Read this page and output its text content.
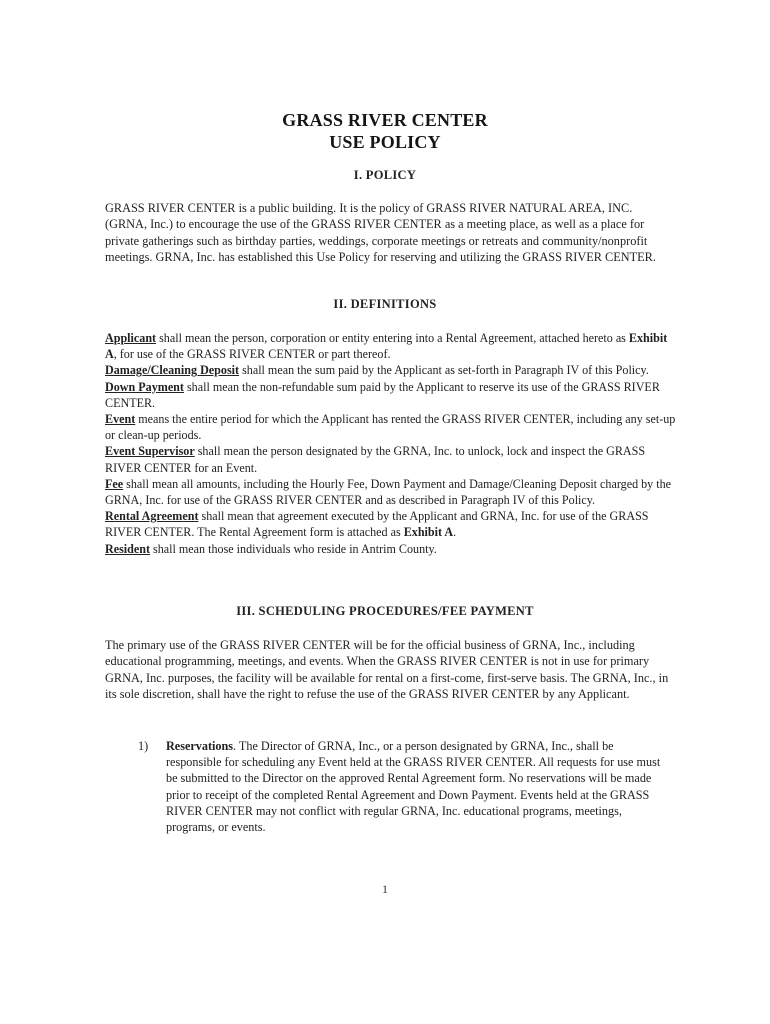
GRASS RIVER CENTER
USE POLICY
I. POLICY

GRASS RIVER CENTER is a public building. It is the policy of GRASS RIVER NATURAL AREA, INC. (GRNA, Inc.) to encourage the use of the GRASS RIVER CENTER as a meeting place, as well as a place for private gatherings such as birthday parties, weddings, corporate meetings or retreats and community/nonprofit meetings. GRNA, Inc. has established this Use Policy for reserving and utilizing the GRASS RIVER CENTER.

II. DEFINITIONS

Applicant shall mean the person, corporation or entity entering into a Rental Agreement, attached hereto as Exhibit A, for use of the GRASS RIVER CENTER or part thereof.

Damage/Cleaning Deposit shall mean the sum paid by the Applicant as set-forth in Paragraph IV of this Policy.

Down Payment shall mean the non-refundable sum paid by the Applicant to reserve its use of the GRASS RIVER CENTER.

Event means the entire period for which the Applicant has rented the GRASS RIVER CENTER, including any set-up or clean-up periods.

Event Supervisor shall mean the person designated by the GRNA, Inc. to unlock, lock and inspect the GRASS RIVER CENTER for an Event.

Fee shall mean all amounts, including the Hourly Fee, Down Payment and Damage/Cleaning Deposit charged by the GRNA, Inc. for use of the GRASS RIVER CENTER and as described in Paragraph IV of this Policy.

Rental Agreement shall mean that agreement executed by the Applicant and GRNA, Inc. for use of the GRASS RIVER CENTER. The Rental Agreement form is attached as Exhibit A.

Resident shall mean those individuals who reside in Antrim County.

III. SCHEDULING PROCEDURES/FEE PAYMENT

The primary use of the GRASS RIVER CENTER will be for the official business of GRNA, Inc., including educational programming, meetings, and events. When the GRASS RIVER CENTER is not in use for primary GRNA, Inc. purposes, the facility will be available for rental on a first-come, first-serve basis. The GRNA, Inc., in its sole discretion, shall have the right to refuse the use of the GRASS RIVER CENTER by any Applicant.

1) Reservations. The Director of GRNA, Inc., or a person designated by GRNA, Inc., shall be responsible for scheduling any Event held at the GRASS RIVER CENTER. All requests for use must be submitted to the Director on the approved Rental Agreement form. No reservations will be made prior to receipt of the completed Rental Agreement and Down Payment. Events held at the GRASS RIVER CENTER may not conflict with regular GRNA, Inc. educational programs, meetings, programs, or events.
1
